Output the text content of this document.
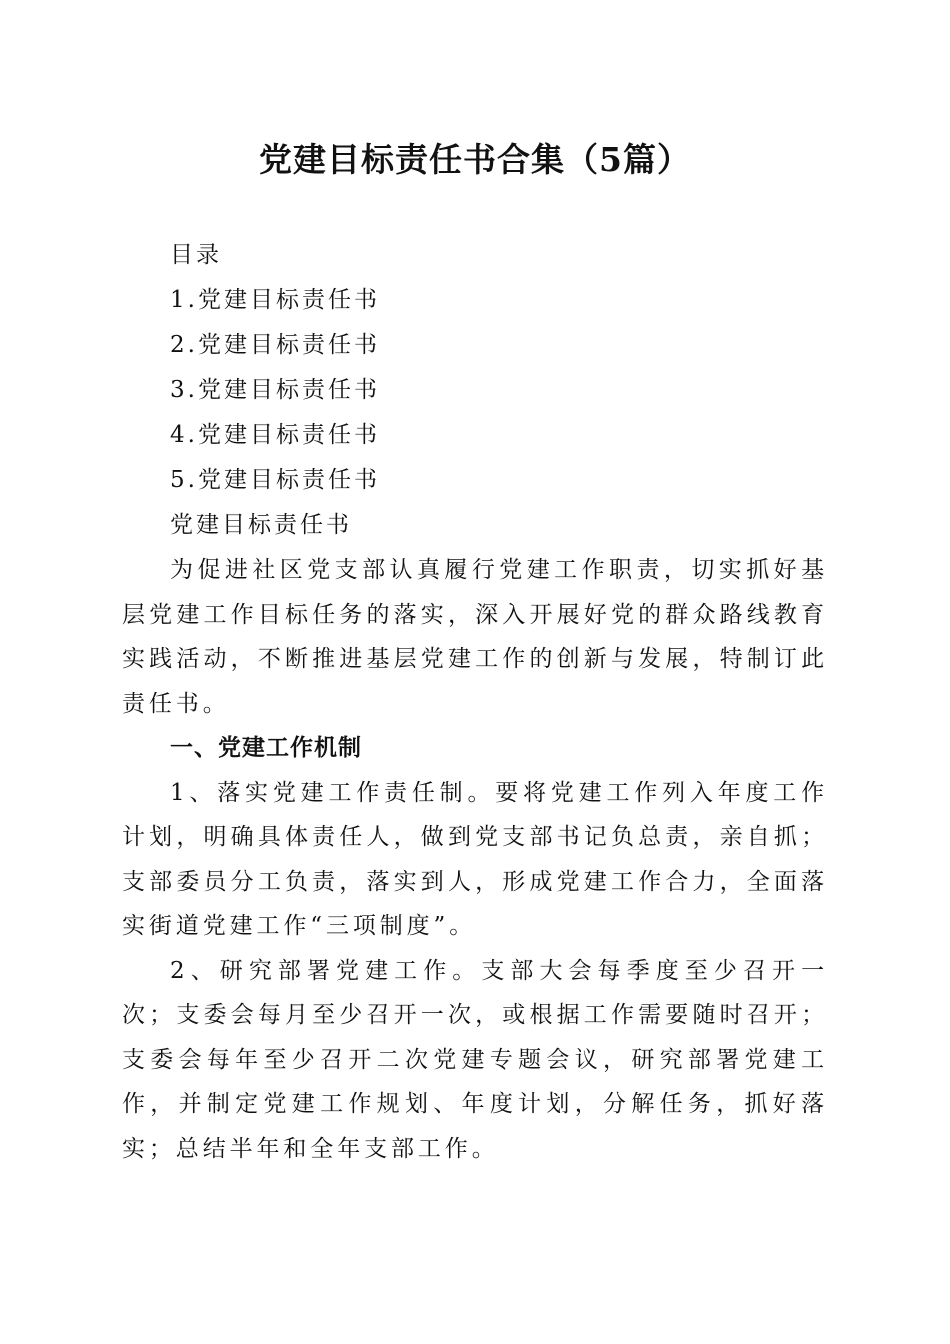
党建目标责任书合集（5篇）
目录
1.党建目标责任书
2.党建目标责任书
3.党建目标责任书
4.党建目标责任书
5.党建目标责任书
党建目标责任书

为促进社区党支部认真履行党建工作职责，切实抓好基层党建工作目标任务的落实，深入开展好党的群众路线教育实践活动，不断推进基层党建工作的创新与发展，特制订此责任书。

一、党建工作机制

1、落实党建工作责任制。要将党建工作列入年度工作计划，明确具体责任人，做到党支部书记负总责，亲自抓；支部委员分工负责，落实到人，形成党建工作合力，全面落实街道党建工作“三项制度”。

2、研究部署党建工作。支部大会每季度至少召开一次；支委会每月至少召开一次，或根据工作需要随时召开；支委会每年至少召开二次党建专题会议，研究部署党建工作，并制定党建工作规划、年度计划，分解任务，抓好落实；总结半年和全年支部工作。
